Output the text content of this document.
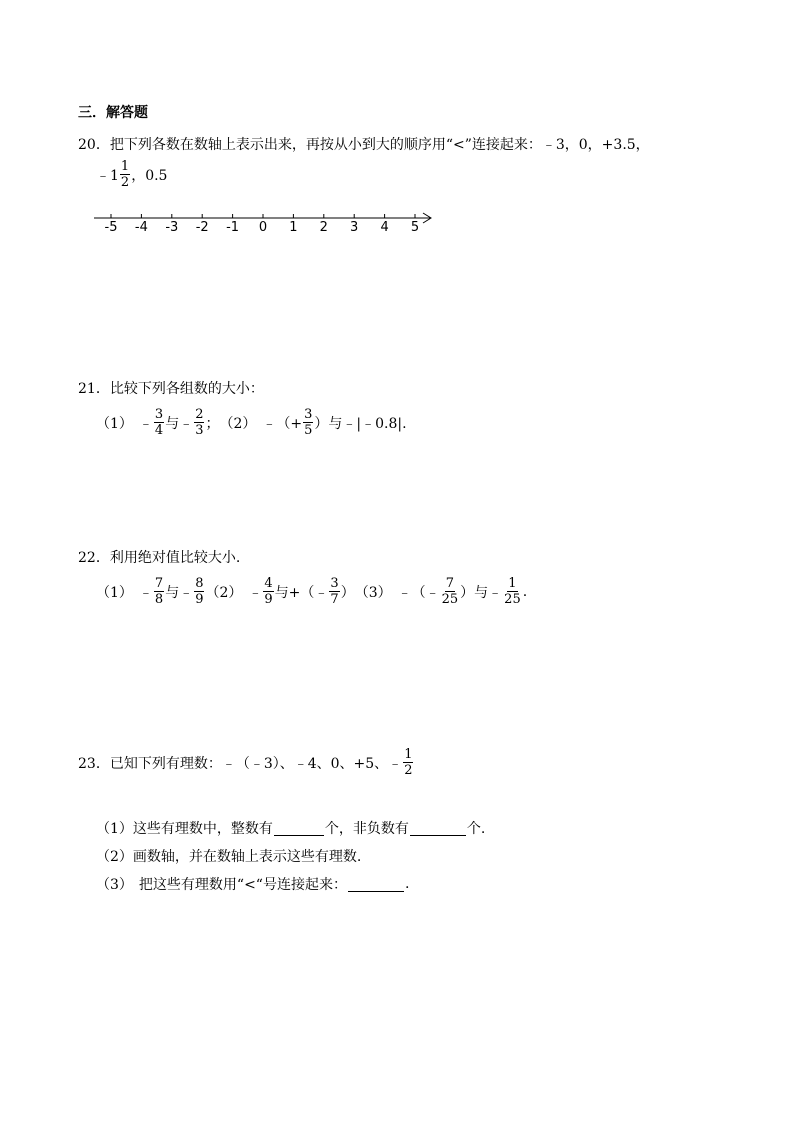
三．解答题
20． 把下列各数在数轴上表示出来，再按从小到大的顺序用“<”连接起来：﹣3，0，+3.5，
﹣1 $\frac{1}{2}$ ，0.5
-5 -4 -3 -2 -1 0 1 2 3 4 5
21． 比较下列各组数的大小：
（1） ﹣ $\frac{3}{4}$ 与﹣ $\frac{2}{3}$ ； （2） ﹣（+ $\frac{3}{5}$ ）与﹣|﹣0.8|.
22． 利用绝对值比较大小.
（1） ﹣ $\frac{7}{8}$ 与﹣ $\frac{8}{9} (2)$ ﹣ $\frac{4}{9}$ 与+（﹣ $\frac{3}{7}$ ） （3） ﹣（﹣ $\frac{7}{25}$ ）与﹣ $\frac{1}{25}$ .
23． 已知下列有理数：﹣（﹣3）、﹣4、0、+5、﹣ $\frac{1}{2}$
（1） 这些有理数中，整数有	个，非负数有	个.
（2） 画数轴，并在数轴上表示这些有理数.
（3） 把这些有理数用“<“号连接起来：	.
